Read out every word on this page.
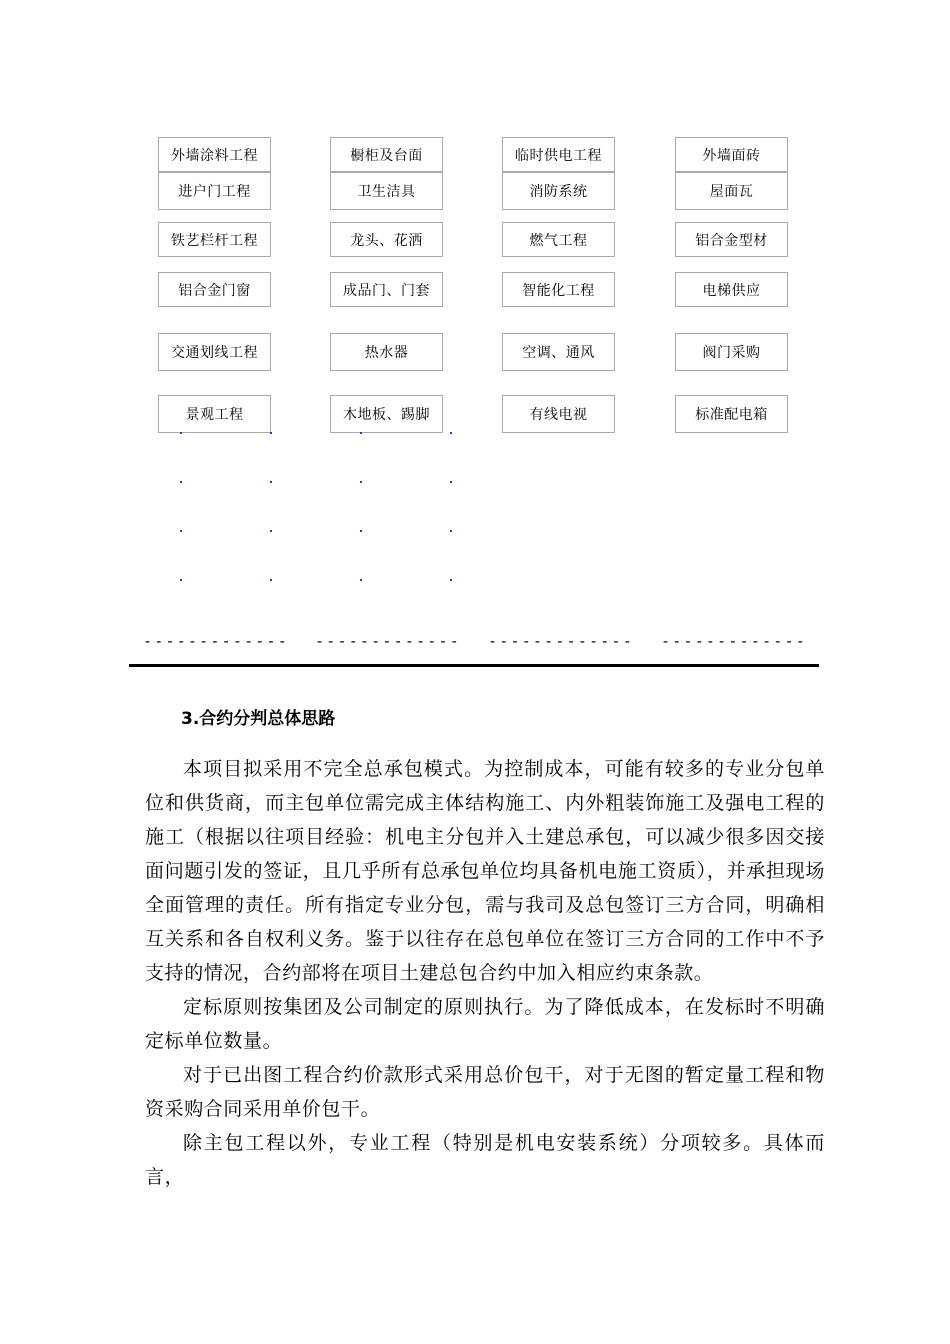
外墙涂料工程
进户门工程
铁艺栏杆工程
铝合金门窗
交通划线工程
景观工程
橱柜及台面
卫生洁具
龙头、花洒
成品门、门套
热水器
木地板、踢脚
临时供电工程
消防系统
燃气工程
智能化工程
空调、通风
有线电视
外墙面砖
屋面瓦
铝合金型材
电梯供应
阀门采购
标准配电箱
------------- ------------- ------------- -------------
3.合约分判总体思路

本项目拟采用不完全总承包模式。为控制成本，可能有较多的专业分包单位和供货商，而主包单位需完成主体结构施工、内外粗装饰施工及强电工程的施工（根据以往项目经验：机电主分包并入土建总承包，可以减少很多因交接面问题引发的签证，且几乎所有总承包单位均具备机电施工资质），并承担现场全面管理的责任。所有指定专业分包，需与我司及总包签订三方合同，明确相互关系和各自权利义务。鉴于以往存在总包单位在签订三方合同的工作中不予支持的情况，合约部将在项目土建总包合约中加入相应约束条款。

定标原则按集团及公司制定的原则执行。为了降低成本，在发标时不明确定标单位数量。

对于已出图工程合约价款形式采用总价包干，对于无图的暂定量工程和物资采购合同采用单价包干。

除主包工程以外，专业工程（特别是机电安装系统）分项较多。具体而言，
